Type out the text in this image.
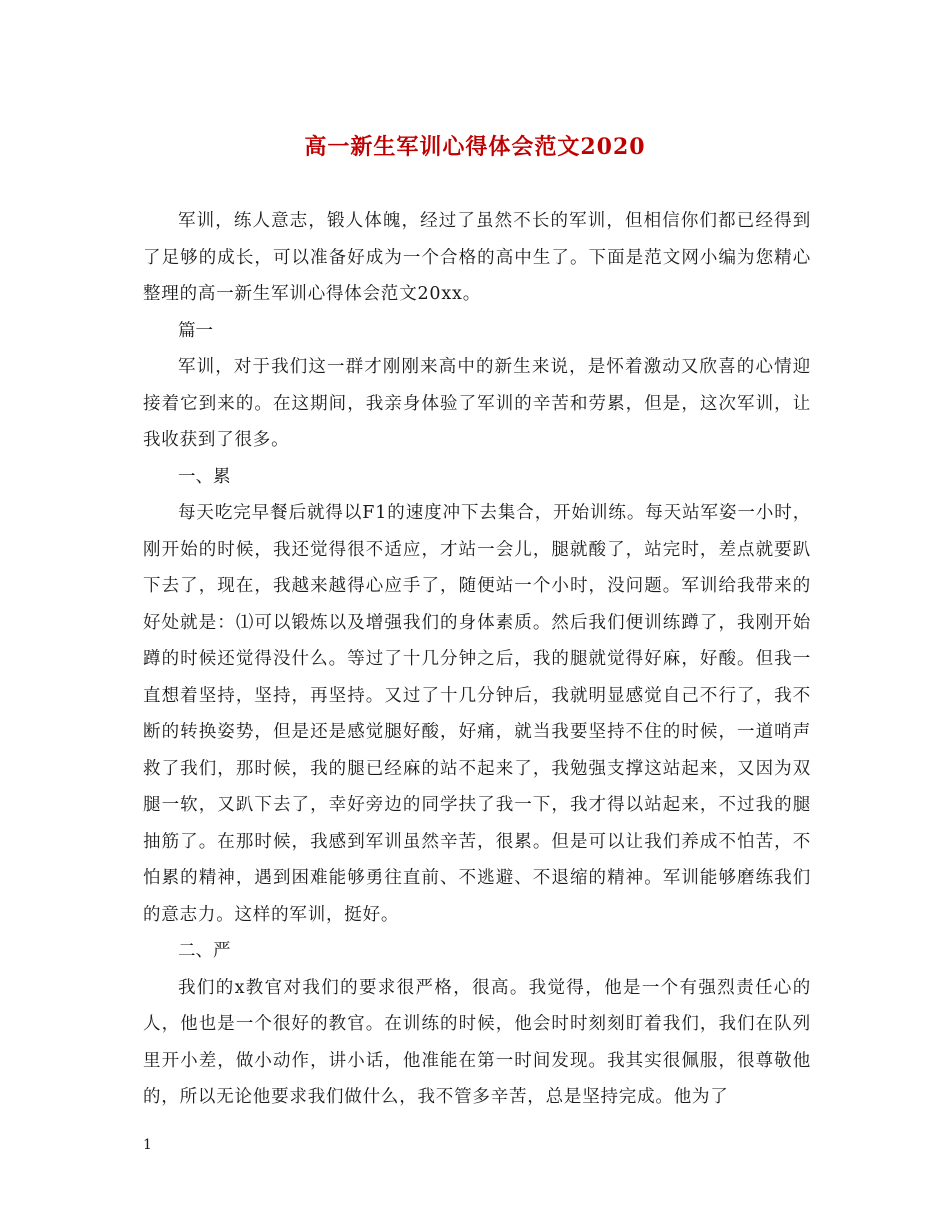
高一新生军训心得体会范文2020

军训，练人意志，锻人体魄，经过了虽然不长的军训，但相信你们都已经得到了足够的成长，可以准备好成为一个合格的高中生了。下面是范文网小编为您精心整理的高一新生军训心得体会范文20xx。

篇一

军训，对于我们这一群才刚刚来高中的新生来说，是怀着激动又欣喜的心情迎接着它到来的。在这期间，我亲身体验了军训的辛苦和劳累，但是，这次军训，让我收获到了很多。

一、累

每天吃完早餐后就得以F1的速度冲下去集合，开始训练。每天站军姿一小时，刚开始的时候，我还觉得很不适应，才站一会儿，腿就酸了，站完时，差点就要趴下去了，现在，我越来越得心应手了，随便站一个小时，没问题。军训给我带来的好处就是：⑴可以锻炼以及增强我们的身体素质。然后我们便训练蹲了，我刚开始蹲的时候还觉得没什么。等过了十几分钟之后，我的腿就觉得好麻，好酸。但我一直想着坚持，坚持，再坚持。又过了十几分钟后，我就明显感觉自己不行了，我不断的转换姿势，但是还是感觉腿好酸，好痛，就当我要坚持不住的时候，一道哨声救了我们，那时候，我的腿已经麻的站不起来了，我勉强支撑这站起来，又因为双腿一软，又趴下去了，幸好旁边的同学扶了我一下，我才得以站起来，不过我的腿抽筋了。在那时候，我感到军训虽然辛苦，很累。但是可以让我们养成不怕苦，不怕累的精神，遇到困难能够勇往直前、不逃避、不退缩的精神。军训能够磨练我们的意志力。这样的军训，挺好。

二、严

我们的x教官对我们的要求很严格，很高。我觉得，他是一个有强烈责任心的人，他也是一个很好的教官。在训练的时候，他会时时刻刻盯着我们，我们在队列里开小差，做小动作，讲小话，他准能在第一时间发现。我其实很佩服，很尊敬他的，所以无论他要求我们做什么，我不管多辛苦，总是坚持完成。他为了

1
